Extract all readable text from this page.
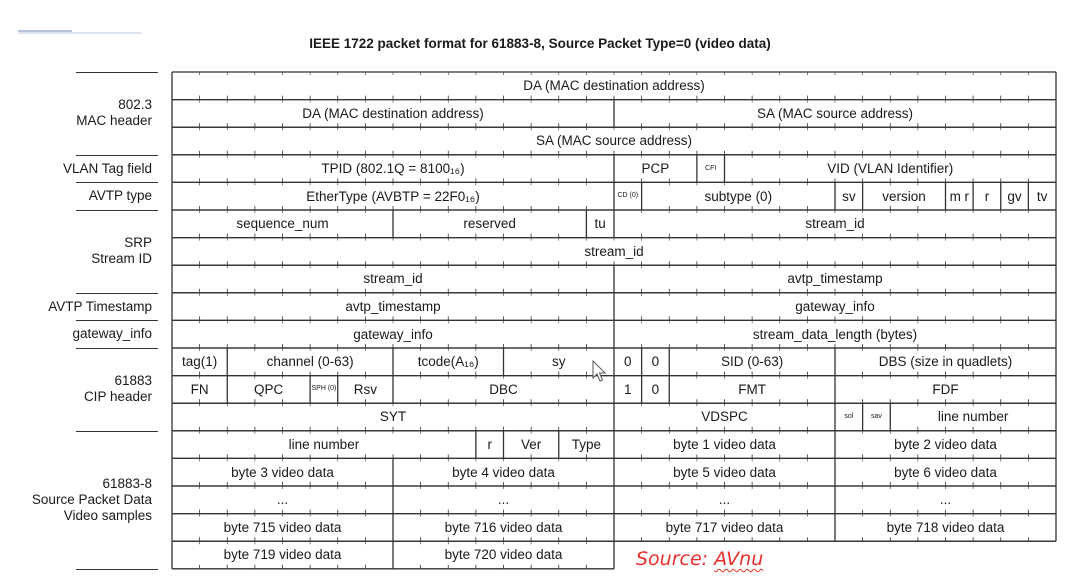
IEEE 1722 packet format for 61883-8, Source Packet Type=0 (video data)
DA (MAC destination address)
DA (MAC destination address)	SA (MAC source address)
SA (MAC source address)
TPID (802.1Q = 8100₁₆)	PCP	CFI	VID (VLAN Identifier)
EtherType (AVBTP = 22F0₁₆)	CD (0)	subtype (0)	sv	version	m r	r	gv	tv
sequence_num	reserved	tu	stream_id
stream_id
stream_id	avtp_timestamp
avtp_timestamp	gateway_info
gateway_info	stream_data_length (bytes)
tag(1)	channel (0-63)	tcode(A₁₆)	sy	0	0	SID (0-63)	DBS (size in quadlets)
FN	QPC	SPH (0)	Rsv	DBC	1	0	FMT	FDF
SYT	VDSPC	sol	sav	line number
line number	r	Ver	Type	byte 1 video data	byte 2 video data
byte 3 video data	byte 4 video data	byte 5 video data	byte 6 video data
...	...	...	...
byte 715 video data	byte 716 video data	byte 717 video data	byte 718 video data
byte 719 video data	byte 720 video data
802.3
MAC header
VLAN Tag field
AVTP type
SRP
Stream ID
AVTP Timestamp
gateway_info
61883
CIP header
61883-8
Source Packet Data
Video samples
Source: AVnu
